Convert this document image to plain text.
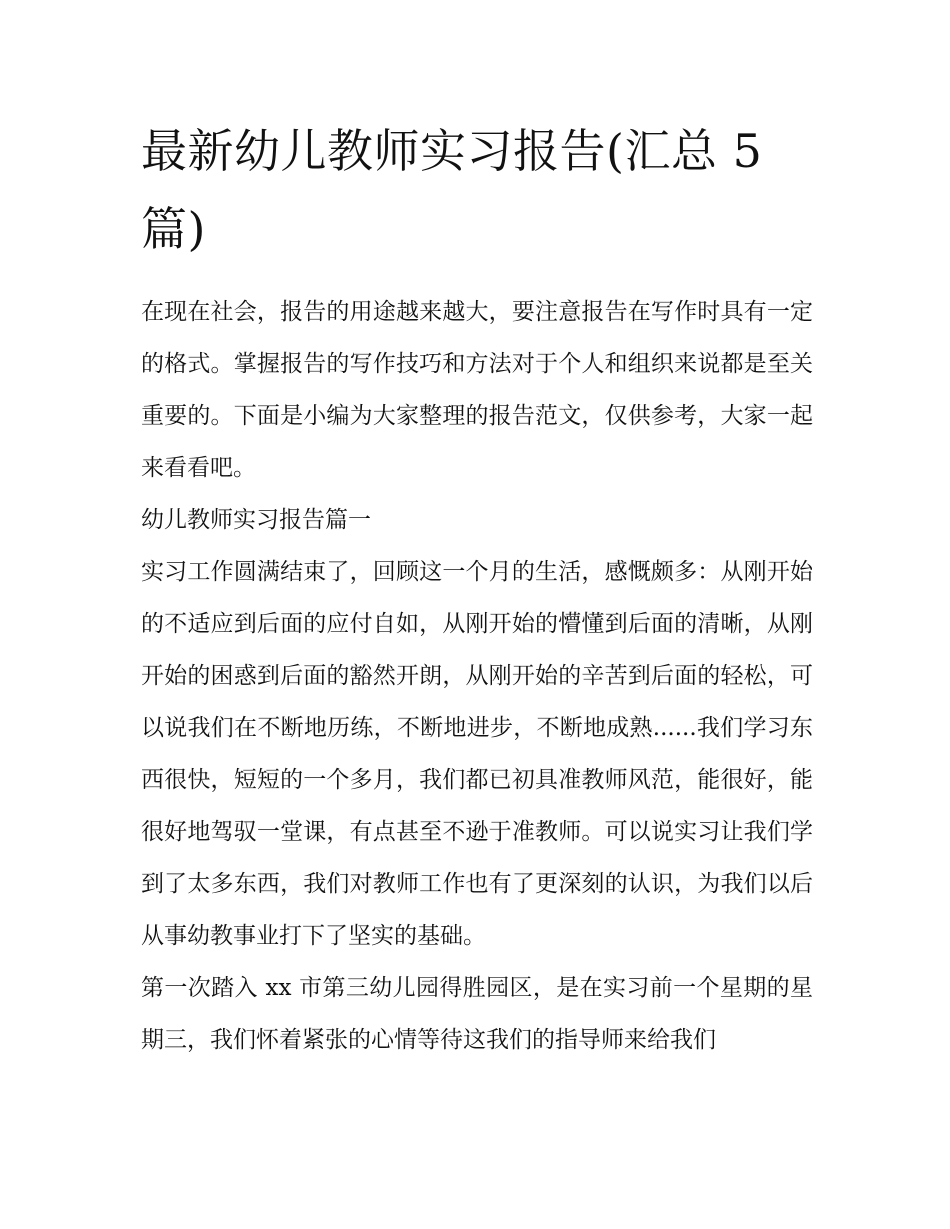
最新幼儿教师实习报告(汇总 5 篇)

在现在社会，报告的用途越来越大，要注意报告在写作时具有一定的格式。掌握报告的写作技巧和方法对于个人和组织来说都是至关重要的。下面是小编为大家整理的报告范文，仅供参考，大家一起来看看吧。

幼儿教师实习报告篇一

实习工作圆满结束了，回顾这一个月的生活，感慨颇多：从刚开始的不适应到后面的应付自如，从刚开始的懵懂到后面的清晰，从刚开始的困惑到后面的豁然开朗，从刚开始的辛苦到后面的轻松，可以说我们在不断地历练，不断地进步，不断地成熟......我们学习东西很快，短短的一个多月，我们都已初具准教师风范，能很好，能很好地驾驭一堂课，有点甚至不逊于准教师。可以说实习让我们学到了太多东西，我们对教师工作也有了更深刻的认识，为我们以后从事幼教事业打下了坚实的基础。

第一次踏入 xx 市第三幼儿园得胜园区，是在实习前一个星期的星期三，我们怀着紧张的心情等待这我们的指导师来给我们
